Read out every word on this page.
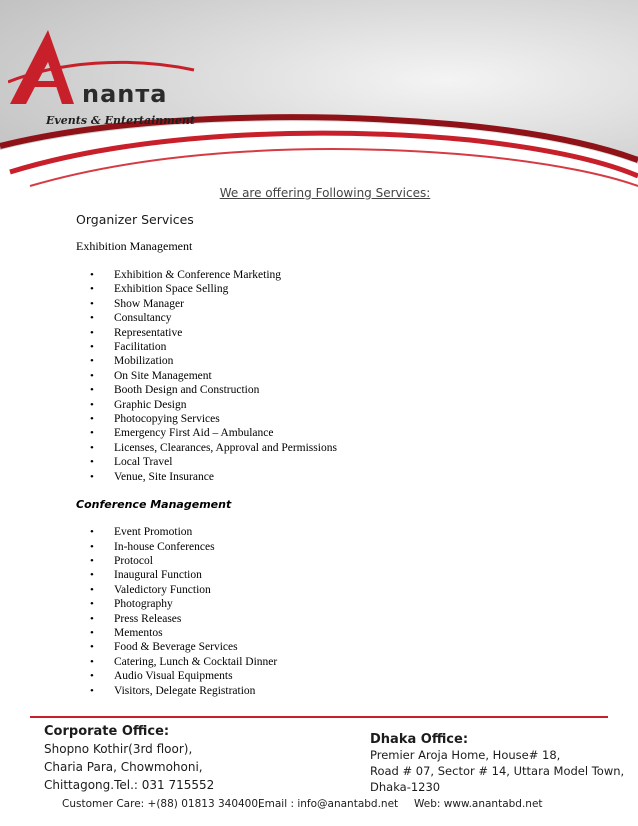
nanтa
Events & Entertainment
We are offering Following Services:
Organizer Services
Exhibition Management
• Exhibition & Conference Marketing
• Exhibition Space Selling
• Show Manager
• Consultancy
• Representative
• Facilitation
• Mobilization
• On Site Management
• Booth Design and Construction
• Graphic Design
• Photocopying Services
• Emergency First Aid – Ambulance
• Licenses, Clearances, Approval and Permissions
• Local Travel
• Venue, Site Insurance
Conference Management
• Event Promotion
• In-house Conferences
• Protocol
• Inaugural Function
• Valedictory Function
• Photography
• Press Releases
• Mementos
• Food & Beverage Services
• Catering, Lunch & Cocktail Dinner
• Audio Visual Equipments
• Visitors, Delegate Registration
Corporate Office:
Shopno Kothir(3rd floor),
Charia Para, Chowmohoni,
Chittagong.Tel.: 031 715552
Dhaka Office:
Premier Aroja Home, House# 18,
Road # 07, Sector # 14, Uttara Model Town,
Dhaka-1230
Customer Care: +(88) 01813 340400,
Email : info@anantabd.net Web: www.anantabd.net
